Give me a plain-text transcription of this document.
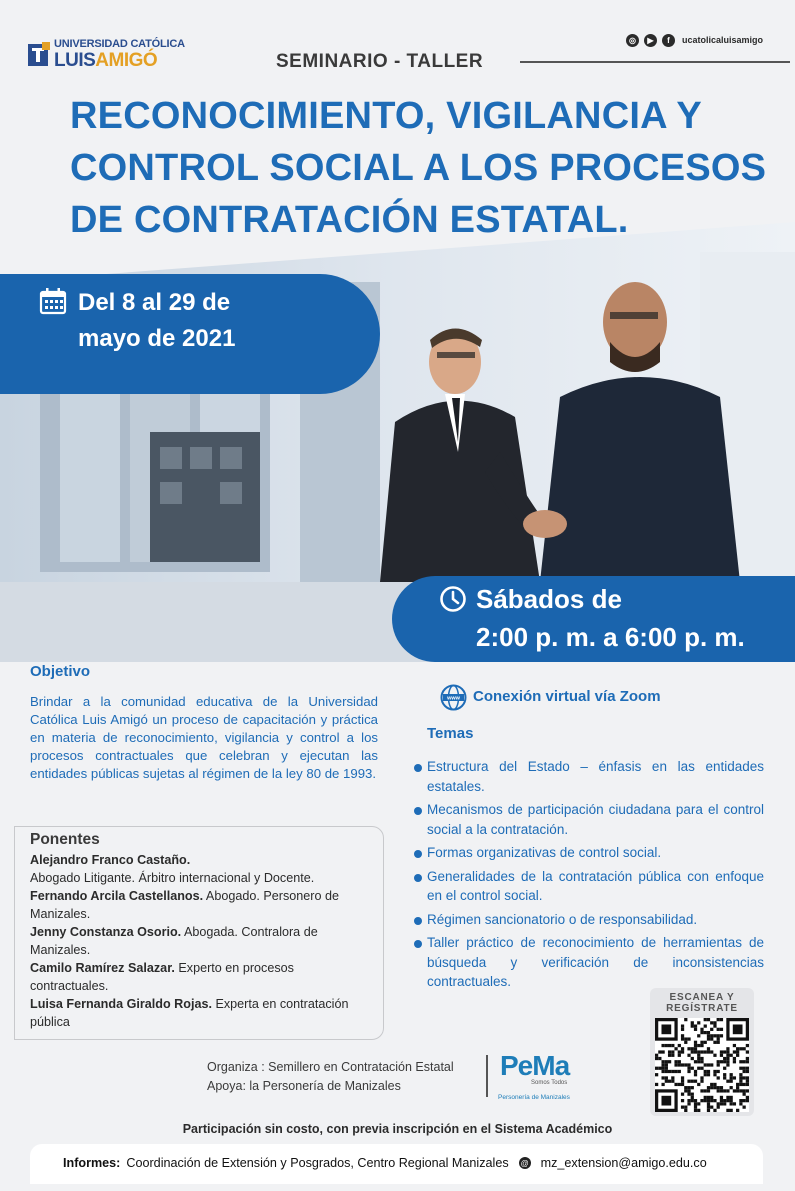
UNIVERSIDAD CATÓLICA
LUISAMIGÓ
◎	▶	f	ucatolicaluisamigo
SEMINARIO - TALLER
RECONOCIMIENTO, VIGILANCIA Y CONTROL SOCIAL A LOS PROCESOS DE CONTRATACIÓN ESTATAL.
Del 8 al 29 de
mayo de 2021
Sábados de
2:00 p. m. a 6:00 p. m.
Objetivo

Brindar a la comunidad educativa de la Universidad Católica Luis Amigó un proceso de capacitación y práctica en materia de reconocimiento, vigilancia y control a los procesos contractuales que celebran y ejecutan las entidades públicas sujetas al régimen de la ley 80 de 1993.

Ponentes
Alejandro Franco Castaño.
Abogado Litigante. Árbitro internacional y Docente.
Fernando Arcila Castellanos. Abogado. Personero de Manizales.
Jenny Constanza Osorio. Abogada. Contralora de Manizales.
Camilo Ramírez Salazar. Experto en procesos contractuales.
Luisa Fernanda Giraldo Rojas. Experta en contratación pública
www Conexión virtual vía Zoom
Temas
Estructura del Estado – énfasis en las entidades estatales.
Mecanismos de participación ciudadana para el control social a la contratación.
Formas organizativas de control social.
Generalidades de la contratación pública con enfoque en el control social.
Régimen sancionatorio o de responsabilidad.
Taller práctico de reconocimiento de herramientas de búsqueda y verificación de inconsistencias contractuales.
ESCANEA Y
REGÍSTRATE
Organiza : Semillero en Contratación Estatal
Apoya: la Personería de Manizales
PeMa
Somos Todos
Personería de Manizales
Participación sin costo, con previa inscripción en el Sistema Académico
Informes: Coordinación de Extensión y Posgrados, Centro Regional Manizales @ mz_extension@amigo.edu.co
